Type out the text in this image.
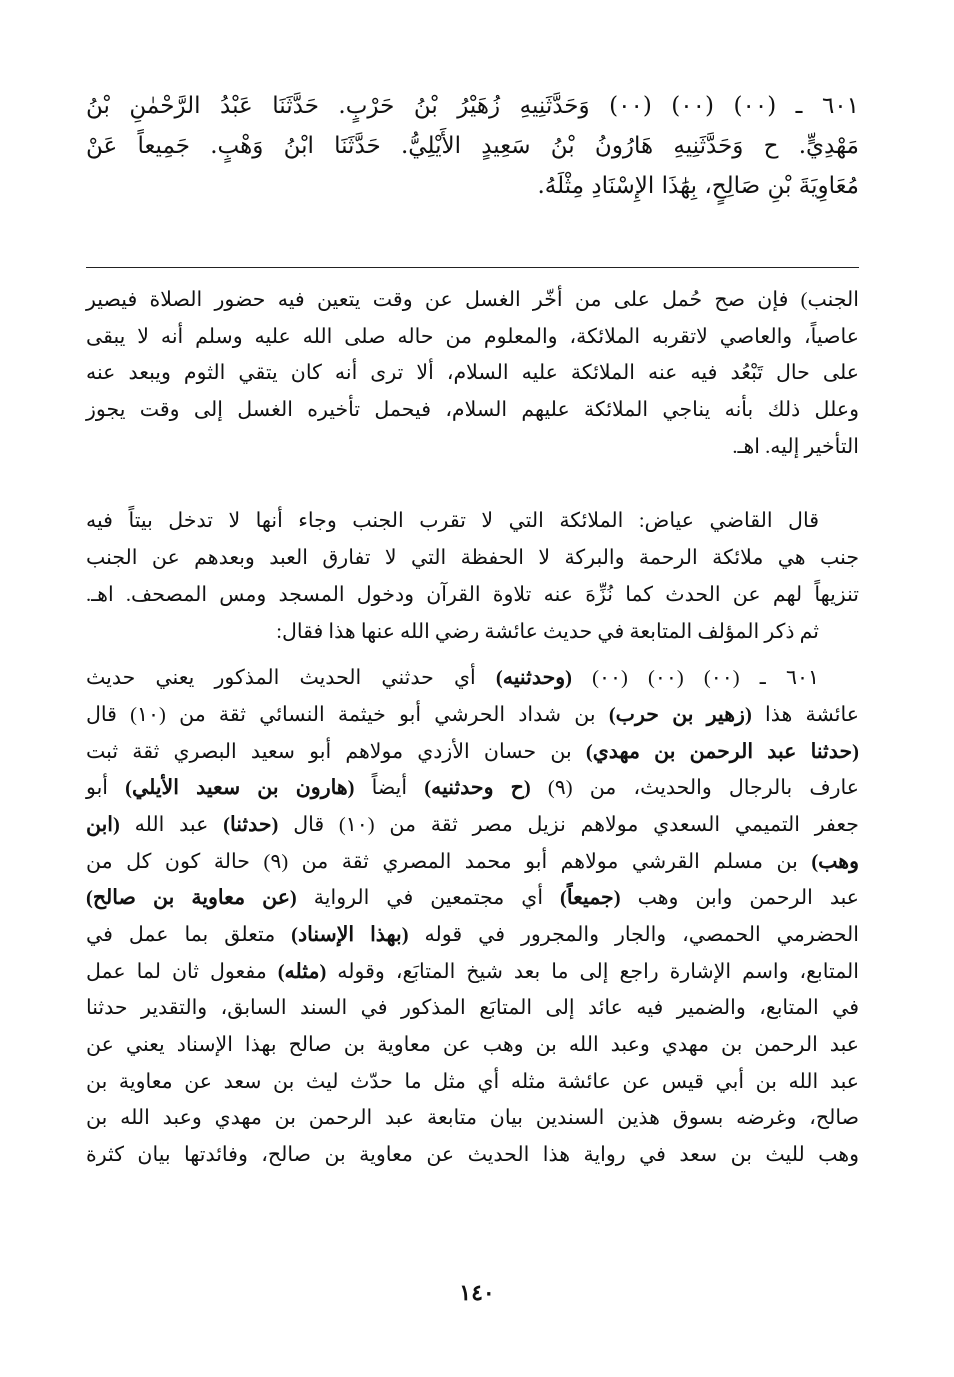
٦٠١ ـ (٠٠) (٠٠) (٠٠) وَحَدَّثَنِيهِ زُهَيْرُ بْنُ حَرْبٍ. حَدَّثَنَا عَبْدُ الرَّحْمٰنِ بْنُ
مَهْدِيٍّ. ح وَحَدَّثَنِيهِ هَارُونُ بْنُ سَعِيدٍ الأَيْلِيُّ. حَدَّثَنَا ابْنُ وَهْبٍ. جَمِيعاً عَنْ
مُعَاوِيَةَ بْنِ صَالِحٍ، بِهَٰذَا الإِسْنَادِ مِثْلَهُ.
الجنب) فإن صح حُمل على من أخّر الغسل عن وقت يتعين فيه حضور الصلاة فيصير
عاصياً، والعاصي لاتقربه الملائكة، والمعلوم من حاله صلى الله عليه وسلم أنه لا يبقى
على حال تَبْعُد فيه عنه الملائكة عليه السلام، ألا ترى أنه كان يتقي الثوم ويبعد عنه
وعلل ذلك بأنه يناجي الملائكة عليهم السلام، فيحمل تأخيره الغسل إلى وقت يجوز
التأخير إليه. اهـ.
قال القاضي عياض: الملائكة التي لا تقرب الجنب وجاء أنها لا تدخل بيتاً فيه
جنب هي ملائكة الرحمة والبركة لا الحفظة التي لا تفارق العبد وبعدهم عن الجنب
تنزيهاً لهم عن الحدث كما نُزِّهَ عنه تلاوة القرآن ودخول المسجد ومس المصحف. اهـ.
ثم ذكر المؤلف المتابعة في حديث عائشة رضي الله عنها هذا فقال:
٦٠١ ـ (٠٠) (٠٠) (٠٠) (وحدثنيه) أي حدثني الحديث المذكور يعني حديث
عائشة هذا (زهير بن حرب) بن شداد الحرشي أبو خيثمة النسائي ثقة من (١٠) قال
(حدثنا عبد الرحمن بن مهدي) بن حسان الأزدي مولاهم أبو سعيد البصري ثقة ثبت
عارف بالرجال والحديث، من (٩) (ح وحدثنيه) أيضاً (هارون بن سعيد الأيلي) أبو
جعفر التميمي السعدي مولاهم نزيل مصر ثقة من (١٠) قال (حدثنا) عبد الله (ابن
وهب) بن مسلم القرشي مولاهم أبو محمد المصري ثقة من (٩) حالة كون كل من
عبد الرحمن وابن وهب (جميعاً) أي مجتمعين في الرواية (عن معاوية بن صالح)
الحضرمي الحمصي، والجار والمجرور في قوله (بهذا الإسناد) متعلق بما عمل في
المتابع، واسم الإشارة راجع إلى ما بعد شيخ المتابَع، وقوله (مثله) مفعول ثان لما عمل
في المتابع، والضمير فيه عائد إلى المتابَع المذكور في السند السابق، والتقدير حدثنا
عبد الرحمن بن مهدي وعبد الله بن وهب عن معاوية بن صالح بهذا الإسناد يعني عن
عبد الله بن أبي قيس عن عائشة مثله أي مثل ما حدّث ليث بن سعد عن معاوية بن
صالح، وغرضه بسوق هذين السندين بيان متابعة عبد الرحمن بن مهدي وعبد الله بن
وهب لليث بن سعد في رواية هذا الحديث عن معاوية بن صالح، وفائدتها بيان كثرة
١٤٠
